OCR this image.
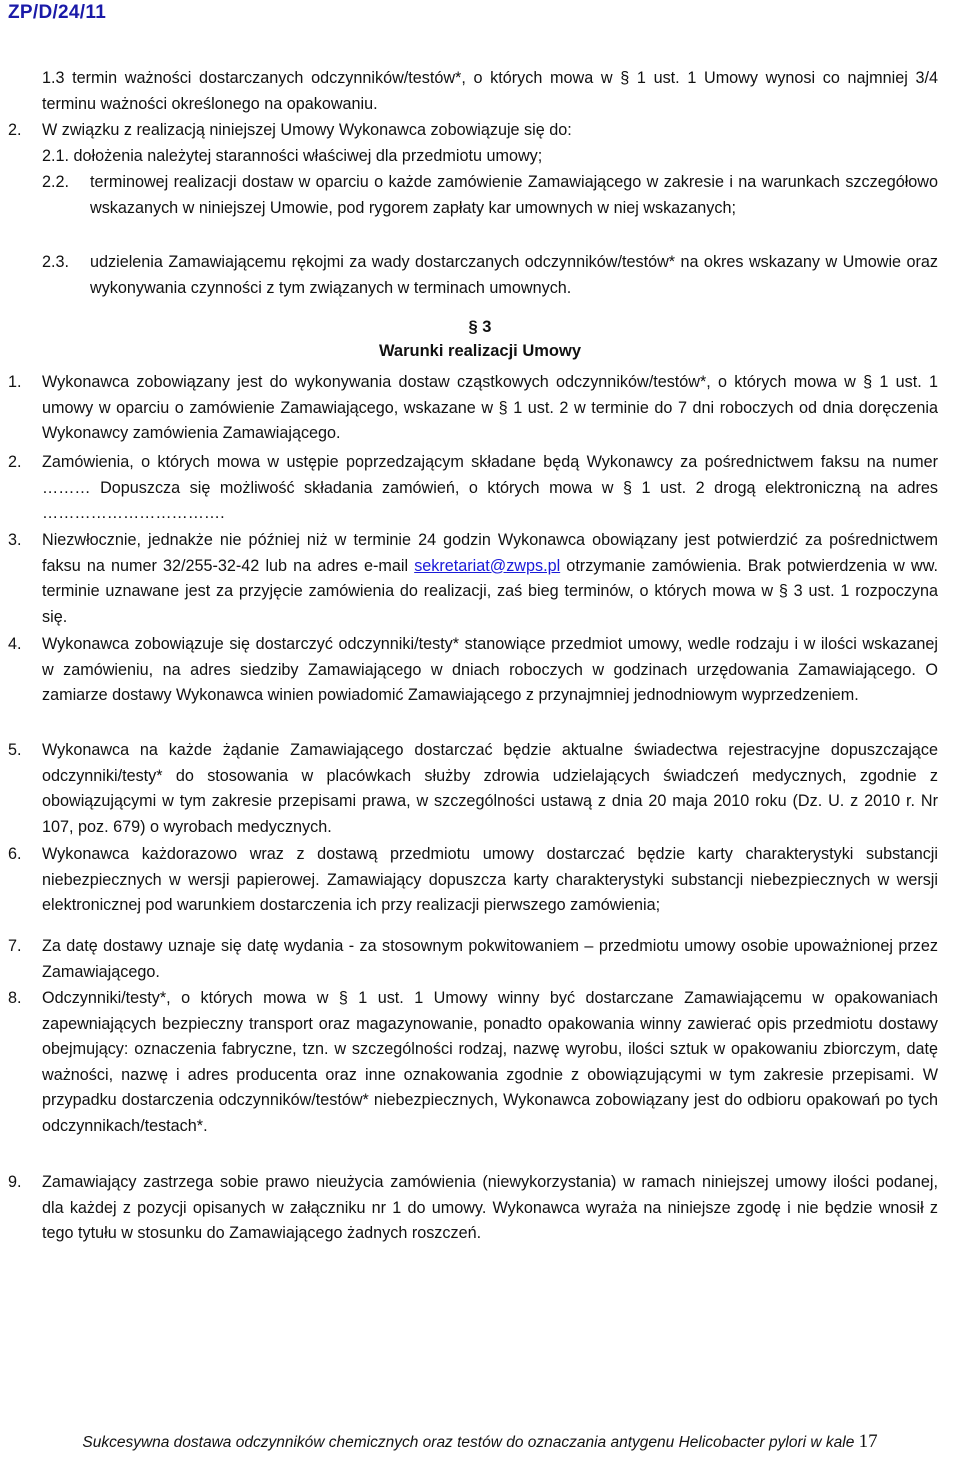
ZP/D/24/11

1.3 termin ważności dostarczanych odczynników/testów*, o których mowa w § 1 ust. 1 Umowy wynosi co najmniej 3/4 terminu ważności określonego na opakowaniu.

2. W związku z realizacją niniejszej Umowy Wykonawca zobowiązuje się do:

2.1. dołożenia należytej staranności właściwej dla przedmiotu umowy;

2.2. terminowej realizacji dostaw w oparciu o każde zamówienie Zamawiającego w zakresie i na warunkach szczegółowo wskazanych w niniejszej Umowie, pod rygorem zapłaty kar umownych w niej wskazanych;

2.3. udzielenia Zamawiającemu rękojmi za wady dostarczanych odczynników/testów* na okres wskazany w Umowie oraz wykonywania czynności z tym związanych w terminach umownych.

§ 3
Warunki realizacji Umowy
1. Wykonawca zobowiązany jest do wykonywania dostaw cząstkowych odczynników/testów*, o których mowa w § 1 ust. 1 umowy w oparciu o zamówienie Zamawiającego, wskazane w § 1 ust. 2 w terminie do 7 dni roboczych od dnia doręczenia Wykonawcy zamówienia Zamawiającego.

2. Zamówienia, o których mowa w ustępie poprzedzającym składane będą Wykonawcy za pośrednictwem faksu na numer ……… Dopuszcza się możliwość składania zamówień, o których mowa w § 1 ust. 2 drogą elektroniczną na adres …………………………….

3. Niezwłocznie, jednakże nie później niż w terminie 24 godzin Wykonawca obowiązany jest potwierdzić za pośrednictwem faksu na numer 32/255-32-42 lub na adres e-mail sekretariat@zwps.pl otrzymanie zamówienia. Brak potwierdzenia w ww. terminie uznawane jest za przyjęcie zamówienia do realizacji, zaś bieg terminów, o których mowa w § 3 ust. 1 rozpoczyna się.

4. Wykonawca zobowiązuje się dostarczyć odczynniki/testy* stanowiące przedmiot umowy, wedle rodzaju i w ilości wskazanej w zamówieniu, na adres siedziby Zamawiającego w dniach roboczych w godzinach urzędowania Zamawiającego. O zamiarze dostawy Wykonawca winien powiadomić Zamawiającego z przynajmniej jednodniowym wyprzedzeniem.

5. Wykonawca na każde żądanie Zamawiającego dostarczać będzie aktualne świadectwa rejestracyjne dopuszczające odczynniki/testy* do stosowania w placówkach służby zdrowia udzielających świadczeń medycznych, zgodnie z obowiązującymi w tym zakresie przepisami prawa, w szczególności ustawą z dnia 20 maja 2010 roku (Dz. U. z 2010 r. Nr 107, poz. 679) o wyrobach medycznych.

6. Wykonawca każdorazowo wraz z dostawą przedmiotu umowy dostarczać będzie karty charakterystyki substancji niebezpiecznych w wersji papierowej. Zamawiający dopuszcza karty charakterystyki substancji niebezpiecznych w wersji elektronicznej pod warunkiem dostarczenia ich przy realizacji pierwszego zamówienia;

7. Za datę dostawy uznaje się datę wydania - za stosownym pokwitowaniem – przedmiotu umowy osobie upoważnionej przez Zamawiającego.

8. Odczynniki/testy*, o których mowa w § 1 ust. 1 Umowy winny być dostarczane Zamawiającemu w opakowaniach zapewniających bezpieczny transport oraz magazynowanie, ponadto opakowania winny zawierać opis przedmiotu dostawy obejmujący: oznaczenia fabryczne, tzn. w szczególności rodzaj, nazwę wyrobu, ilości sztuk w opakowaniu zbiorczym, datę ważności, nazwę i adres producenta oraz inne oznakowania zgodnie z obowiązującymi w tym zakresie przepisami. W przypadku dostarczenia odczynników/testów* niebezpiecznych, Wykonawca zobowiązany jest do odbioru opakowań po tych odczynnikach/testach*.

9. Zamawiający zastrzega sobie prawo nieużycia zamówienia (niewykorzystania) w ramach niniejszej umowy ilości podanej, dla każdej z pozycji opisanych w załączniku nr 1 do umowy. Wykonawca wyraża na niniejsze zgodę i nie będzie wnosił z tego tytułu w stosunku do Zamawiającego żadnych roszczeń.

Sukcesywna dostawa odczynników chemicznych oraz testów do oznaczania antygenu Helicobacter pylori w kale 17
